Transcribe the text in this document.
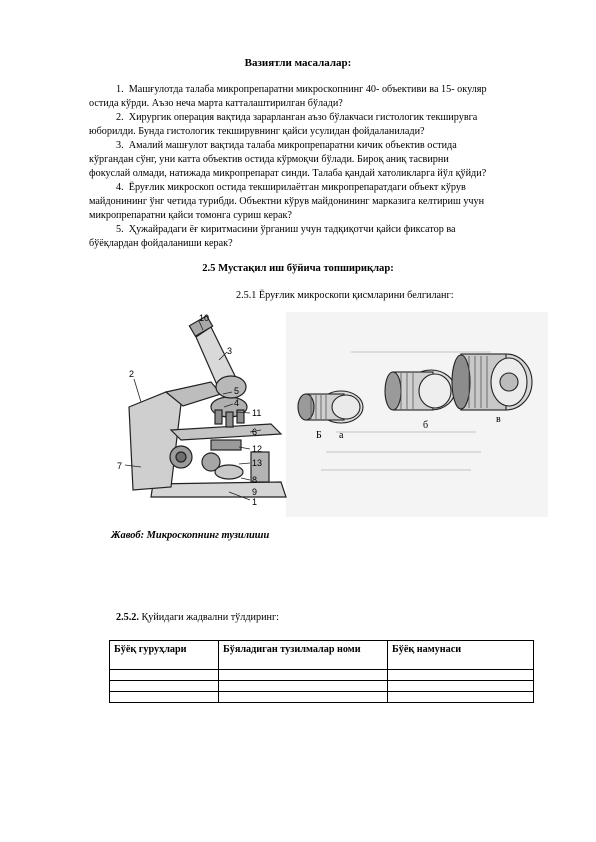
Вазиятли масалалар:
1. Машғулотда талаба микропрепаратни микроскопнинг 40- объективи ва 15- окуляр
остида кўрди. Аъзо неча марта катталаштирилган бўлади?
2. Хирургик операция вақтида зарарланган аъзо бўлакчаси гистологик текширувга
юборилди. Бунда гистологик текширувнинг қайси усулидан фойдаланилади?
3. Амалий машғулот вақтида талаба микропрепаратни кичик объектив остида
кўргандан сўнг, уни катта объектив остида кўрмоқчи бўлади. Бироқ аниқ тасвирни
фокуслай олмади, натижада микропрепарат синди. Талаба қандай хатоликларга йўл қўйди?
4. Ёруғлик микроскоп остида текширилаётган микропрепаратдаги объект кўрув
майдонининг ўнг четида турибди. Объектни кўрув майдонининг марказига келтириш учун
микропрепаратни қайси томонга суриш керак?
5. Ҳужайрадаги ёғ киритмасини ўрганиш учун тадқиқотчи қайси фиксатор ва
бўёқлардан фойдаланиши керак?
2.5 Мустақил иш бўйича топшириқлар:
2.5.1 Ёруғлик микроскопи қисмларини белгиланг:
10
3
2
5
4
11
6
12
7	13
8
9
1
Б а
б
в
Жавоб: Микроскопнинг тузилиши
2.5.2. Қуйидаги жадвални тўлдиринг:
Бўёқ гуруҳлари	Бўяладиган тузилмалар номи	Бўёқ намунаси
